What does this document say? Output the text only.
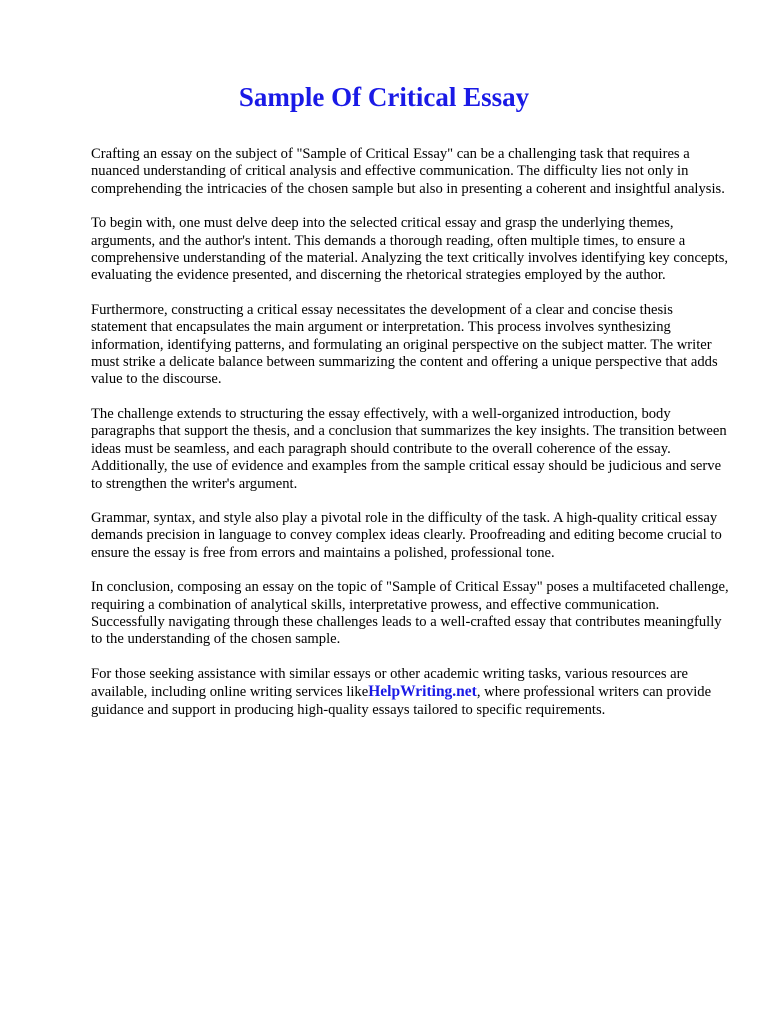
Sample Of Critical Essay

Crafting an essay on the subject of "Sample of Critical Essay" can be a challenging task that requires a nuanced understanding of critical analysis and effective communication. The difficulty lies not only in comprehending the intricacies of the chosen sample but also in presenting a coherent and insightful analysis.

To begin with, one must delve deep into the selected critical essay and grasp the underlying themes, arguments, and the author's intent. This demands a thorough reading, often multiple times, to ensure a comprehensive understanding of the material. Analyzing the text critically involves identifying key concepts, evaluating the evidence presented, and discerning the rhetorical strategies employed by the author.

Furthermore, constructing a critical essay necessitates the development of a clear and concise thesis statement that encapsulates the main argument or interpretation. This process involves synthesizing information, identifying patterns, and formulating an original perspective on the subject matter. The writer must strike a delicate balance between summarizing the content and offering a unique perspective that adds value to the discourse.

The challenge extends to structuring the essay effectively, with a well-organized introduction, body paragraphs that support the thesis, and a conclusion that summarizes the key insights. The transition between ideas must be seamless, and each paragraph should contribute to the overall coherence of the essay. Additionally, the use of evidence and examples from the sample critical essay should be judicious and serve to strengthen the writer's argument.

Grammar, syntax, and style also play a pivotal role in the difficulty of the task. A high-quality critical essay demands precision in language to convey complex ideas clearly. Proofreading and editing become crucial to ensure the essay is free from errors and maintains a polished, professional tone.

In conclusion, composing an essay on the topic of "Sample of Critical Essay" poses a multifaceted challenge, requiring a combination of analytical skills, interpretative prowess, and effective communication. Successfully navigating through these challenges leads to a well-crafted essay that contributes meaningfully to the understanding of the chosen sample.

For those seeking assistance with similar essays or other academic writing tasks, various resources are available, including online writing services likeHelpWriting.net, where professional writers can provide guidance and support in producing high-quality essays tailored to specific requirements.
